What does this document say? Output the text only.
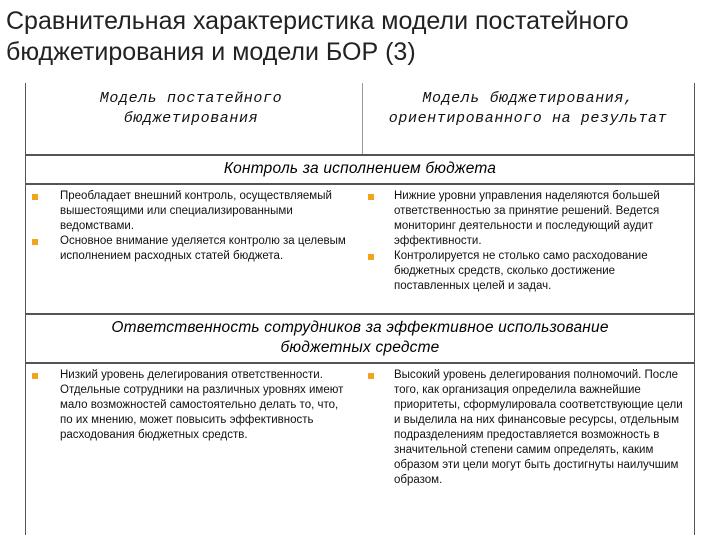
Сравнительная характеристика модели постатейного бюджетирования и модели БОР (3)
Модель постатейного бюджетирования
Модель бюджетирования, ориентированного на результат
Контроль за исполнением бюджета
Преобладает внешний контроль, осуществляемый вышестоящими или специализированными ведомствами.
Основное внимание уделяется контролю за целевым исполнением расходных статей бюджета.
Нижние уровни управления наделяются большей ответственностью за принятие решений. Ведется мониторинг деятельности и последующий аудит эффективности.
Контролируется не столько само расходование бюджетных средств, сколько достижение поставленных целей и задач.
Ответственность сотрудников за эффективное использование бюджетных средсте
Низкий уровень делегирования ответственности. Отдельные сотрудники на различных уровнях имеют мало возможностей самостоятельно делать то, что, по их мнению, может повысить эффективность расходования бюджетных средств.
Высокий уровень делегирования полномочий. После того, как организация определила важнейшие приоритеты, сформулировала соответствующие цели и выделила на них финансовые ресурсы, отдельным подразделениям предоставляется возможность в значительной степени самим определять, каким образом эти цели могут быть достигнуты наилучшим образом.
